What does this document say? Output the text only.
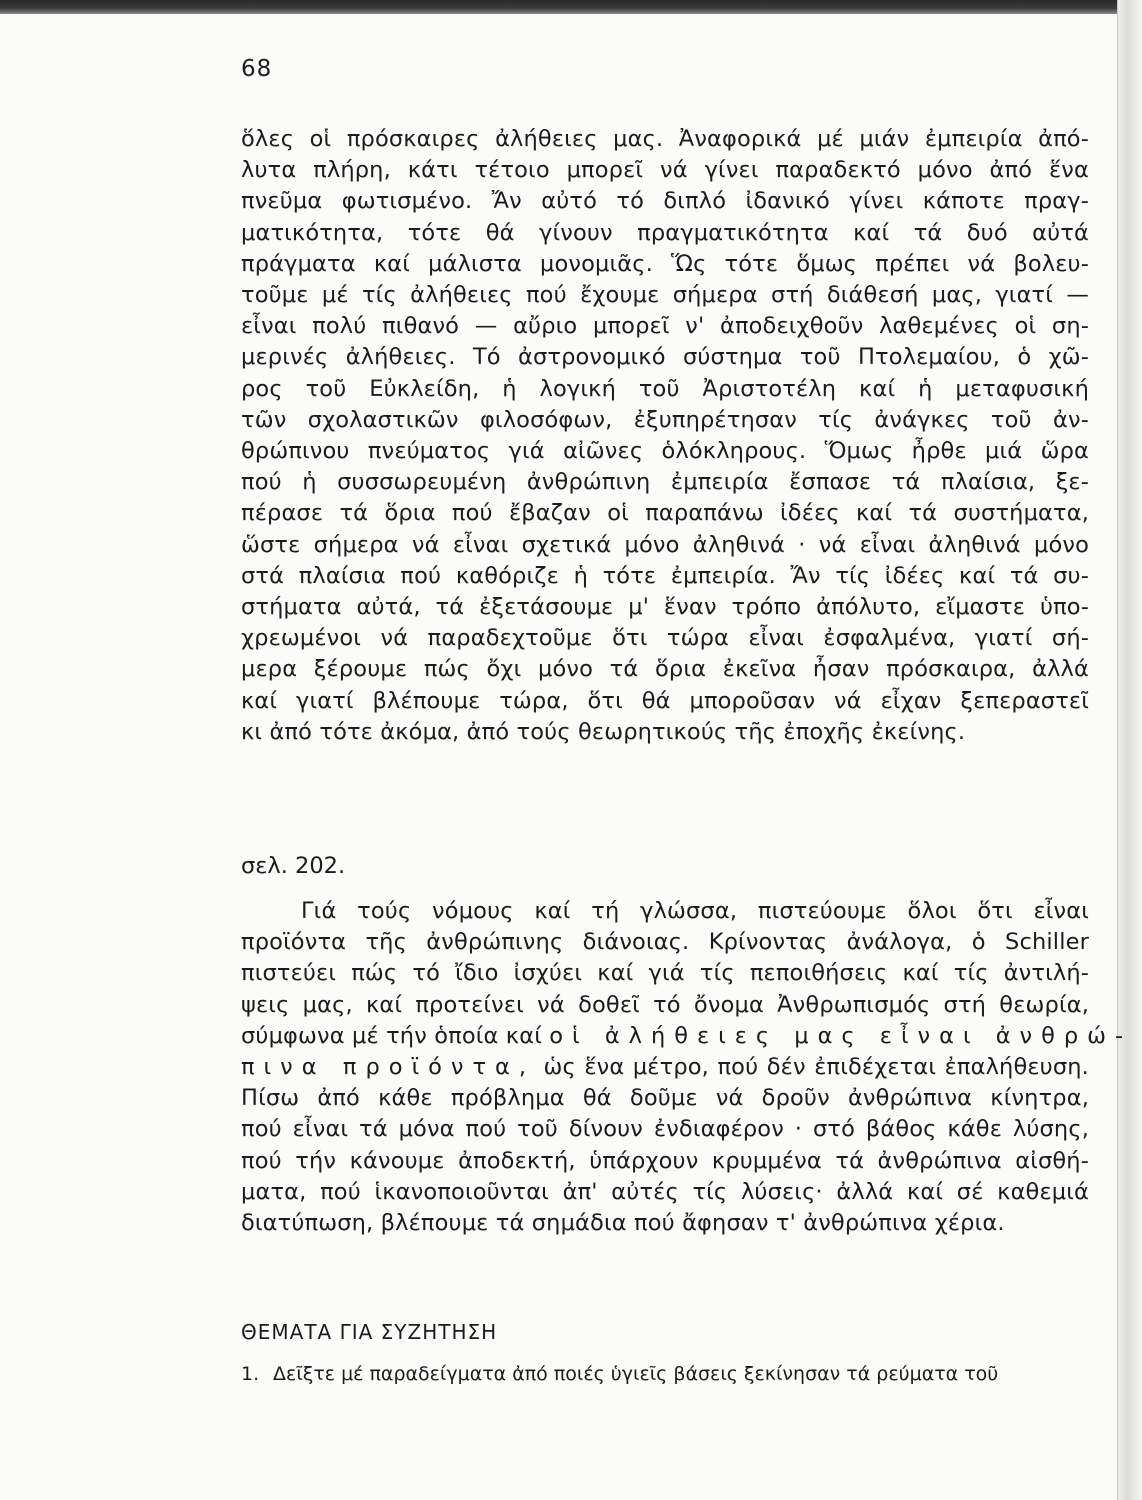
68
ὅλες οἱ πρόσκαιρες ἀλήθειες μας. Ἀναφορικά μέ μιάν ἐμπειρία ἀπό-
λυτα πλήρη, κάτι τέτοιο μπορεῖ νά γίνει παραδεκτό μόνο ἀπό ἕνα
πνεῦμα φωτισμένο. Ἄν αὐτό τό διπλό ἰδανικό γίνει κάποτε πραγ-
ματικότητα, τότε θά γίνουν πραγματικότητα καί τά δυό αὐτά
πράγματα καί μάλιστα μονομιᾶς. Ὥς τότε ὅμως πρέπει νά βολευ-
τοῦμε μέ τίς ἀλήθειες πού ἔχουμε σήμερα στή διάθεσή μας, γιατί —
εἶναι πολύ πιθανό — αὔριο μπορεῖ ν' ἀποδειχθοῦν λαθεμένες οἱ ση-
μερινές ἀλήθειες. Τό ἀστρονομικό σύστημα τοῦ Πτολεμαίου, ὁ χῶ-
ρος τοῦ Εὐκλείδη, ἡ λογική τοῦ Ἀριστοτέλη καί ἡ μεταφυσική
τῶν σχολαστικῶν φιλοσόφων, ἐξυπηρέτησαν τίς ἀνάγκες τοῦ ἀν-
θρώπινου πνεύματος γιά αἰῶνες ὁλόκληρους. Ὅμως ἦρθε μιά ὥρα
πού ἡ συσσωρευμένη ἀνθρώπινη ἐμπειρία ἔσπασε τά πλαίσια, ξε-
πέρασε τά ὅρια πού ἔβαζαν οἱ παραπάνω ἰδέες καί τά συστήματα,
ὥστε σήμερα νά εἶναι σχετικά μόνο ἀληθινά · νά εἶναι ἀληθινά μόνο
στά πλαίσια πού καθόριζε ἡ τότε ἐμπειρία. Ἄν τίς ἰδέες καί τά συ-
στήματα αὐτά, τά ἐξετάσουμε μ' ἕναν τρόπο ἀπόλυτο, εἴμαστε ὑπο-
χρεωμένοι νά παραδεχτοῦμε ὅτι τώρα εἶναι ἐσφαλμένα, γιατί σή-
μερα ξέρουμε πώς ὄχι μόνο τά ὅρια ἐκεῖνα ἦσαν πρόσκαιρα, ἀλλά
καί γιατί βλέπουμε τώρα, ὅτι θά μποροῦσαν νά εἶχαν ξεπεραστεῖ
κι ἀπό τότε ἀκόμα, ἀπό τούς θεωρητικούς τῆς ἐποχῆς ἐκείνης.
σελ. 202.
Γιά τούς νόμους καί τή γλώσσα, πιστεύουμε ὅλοι ὅτι εἶναι
προϊόντα τῆς ἀνθρώπινης διάνοιας. Κρίνοντας ἀνάλογα, ὁ Schiller
πιστεύει πώς τό ἴδιο ἰσχύει καί γιά τίς πεποιθήσεις καί τίς ἀντιλή-
ψεις μας, καί προτείνει νά δοθεῖ τό ὄνομα Ἀνθρωπισμός στή θεωρία,
σύμφωνα μέ τήν ὁποία καί οἱ ἀλήθειες μας εἶναι ἀνθρώ-
πινα προϊόντα, ὡς ἕνα μέτρο, πού δέν ἐπιδέχεται ἐπαλήθευση.
Πίσω ἀπό κάθε πρόβλημα θά δοῦμε νά δροῦν ἀνθρώπινα κίνητρα,
πού εἶναι τά μόνα πού τοῦ δίνουν ἐνδιαφέρον · στό βάθος κάθε λύσης,
πού τήν κάνουμε ἀποδεκτή, ὑπάρχουν κρυμμένα τά ἀνθρώπινα αἰσθή-
ματα, πού ἱκανοποιοῦνται ἀπ' αὐτές τίς λύσεις· ἀλλά καί σέ καθεμιά
διατύπωση, βλέπουμε τά σημάδια πού ἄφησαν τ' ἀνθρώπινα χέρια.
ΘΕΜΑΤΑ ΓΙΑ ΣΥΖΗΤΗΣΗ
1. Δεῖξτε μέ παραδείγματα ἀπό ποιές ὑγιεῖς βάσεις ξεκίνησαν τά ρεύματα τοῦ
